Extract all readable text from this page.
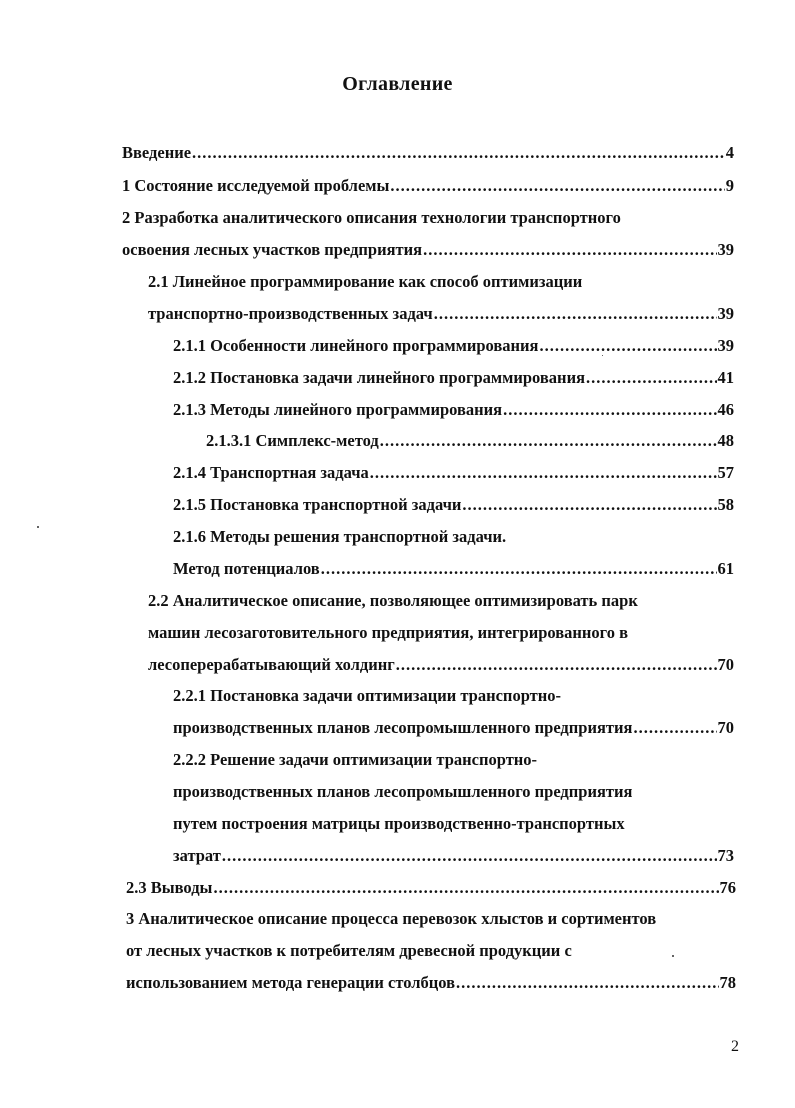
Оглавление
Введение .....	4
1 Состояние исследуемой проблемы .....	9
2 Разработка аналитического описания технологии транспортного
освоения лесных участков предприятия .....	39
2.1 Линейное программирование как способ оптимизации
транспортно-производственных задач .....	39
2.1.1 Особенности линейного программирования .....	39
2.1.2 Постановка задачи линейного программирования .....	41
2.1.3 Методы линейного программирования .....	46
2.1.3.1 Симплекс-метод .....	48
2.1.4 Транспортная задача .....	57
2.1.5 Постановка транспортной задачи .....	58
2.1.6 Методы решения транспортной задачи.
Метод потенциалов .....	61
2.2 Аналитическое описание, позволяющее оптимизировать парк
машин лесозаготовительного предприятия, интегрированного в
лесоперерабатывающий холдинг .....	70
2.2.1 Постановка задачи оптимизации транспортно-
производственных планов лесопромышленного предприятия .....	70
2.2.2 Решение задачи оптимизации транспортно-
производственных планов лесопромышленного предприятия
путем построения матрицы производственно-транспортных
затрат .....	73
2.3 Выводы .....	76
3 Аналитическое описание процесса перевозок хлыстов и сортиментов
от лесных участков к потребителям древесной продукции с
использованием метода генерации столбцов .....	78
2
